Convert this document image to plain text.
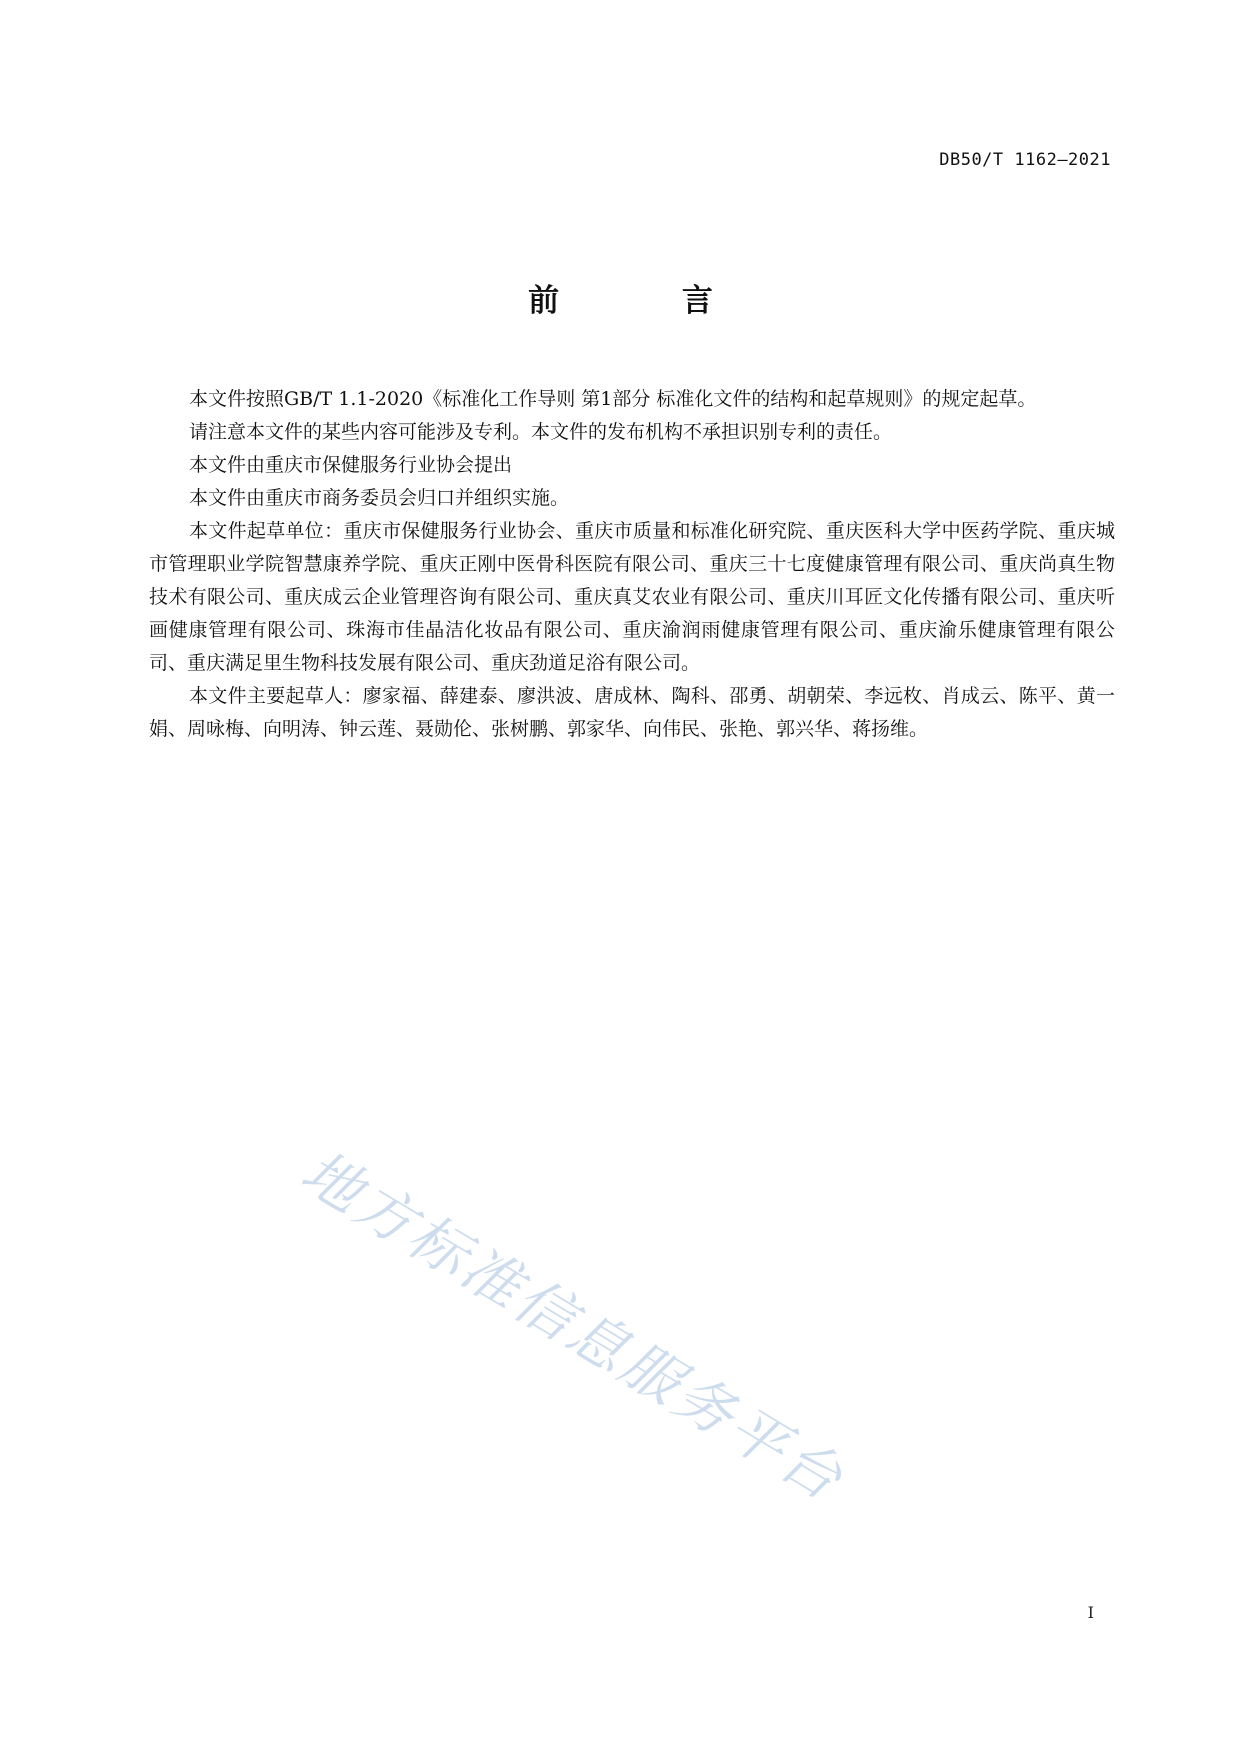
DB50/T 1162—2021
前 言

本文件按照GB/T 1.1-2020《标准化工作导则 第1部分 标准化文件的结构和起草规则》的规定起草。

请注意本文件的某些内容可能涉及专利。本文件的发布机构不承担识别专利的责任。

本文件由重庆市保健服务行业协会提出

本文件由重庆市商务委员会归口并组织实施。

本文件起草单位：重庆市保健服务行业协会、重庆市质量和标准化研究院、重庆医科大学中医药学院、重庆城市管理职业学院智慧康养学院、重庆正刚中医骨科医院有限公司、重庆三十七度健康管理有限公司、重庆尚真生物技术有限公司、重庆成云企业管理咨询有限公司、重庆真艾农业有限公司、重庆川耳匠文化传播有限公司、重庆听画健康管理有限公司、珠海市佳晶洁化妆品有限公司、重庆渝润雨健康管理有限公司、重庆渝乐健康管理有限公司、重庆满足里生物科技发展有限公司、重庆劲道足浴有限公司。

本文件主要起草人：廖家福、薛建泰、廖洪波、唐成林、陶科、邵勇、胡朝荣、李远枚、肖成云、陈平、黄一娟、周咏梅、向明涛、钟云莲、聂勋伦、张树鹏、郭家华、向伟民、张艳、郭兴华、蒋扬维。

地方标准信息服务平台
I
